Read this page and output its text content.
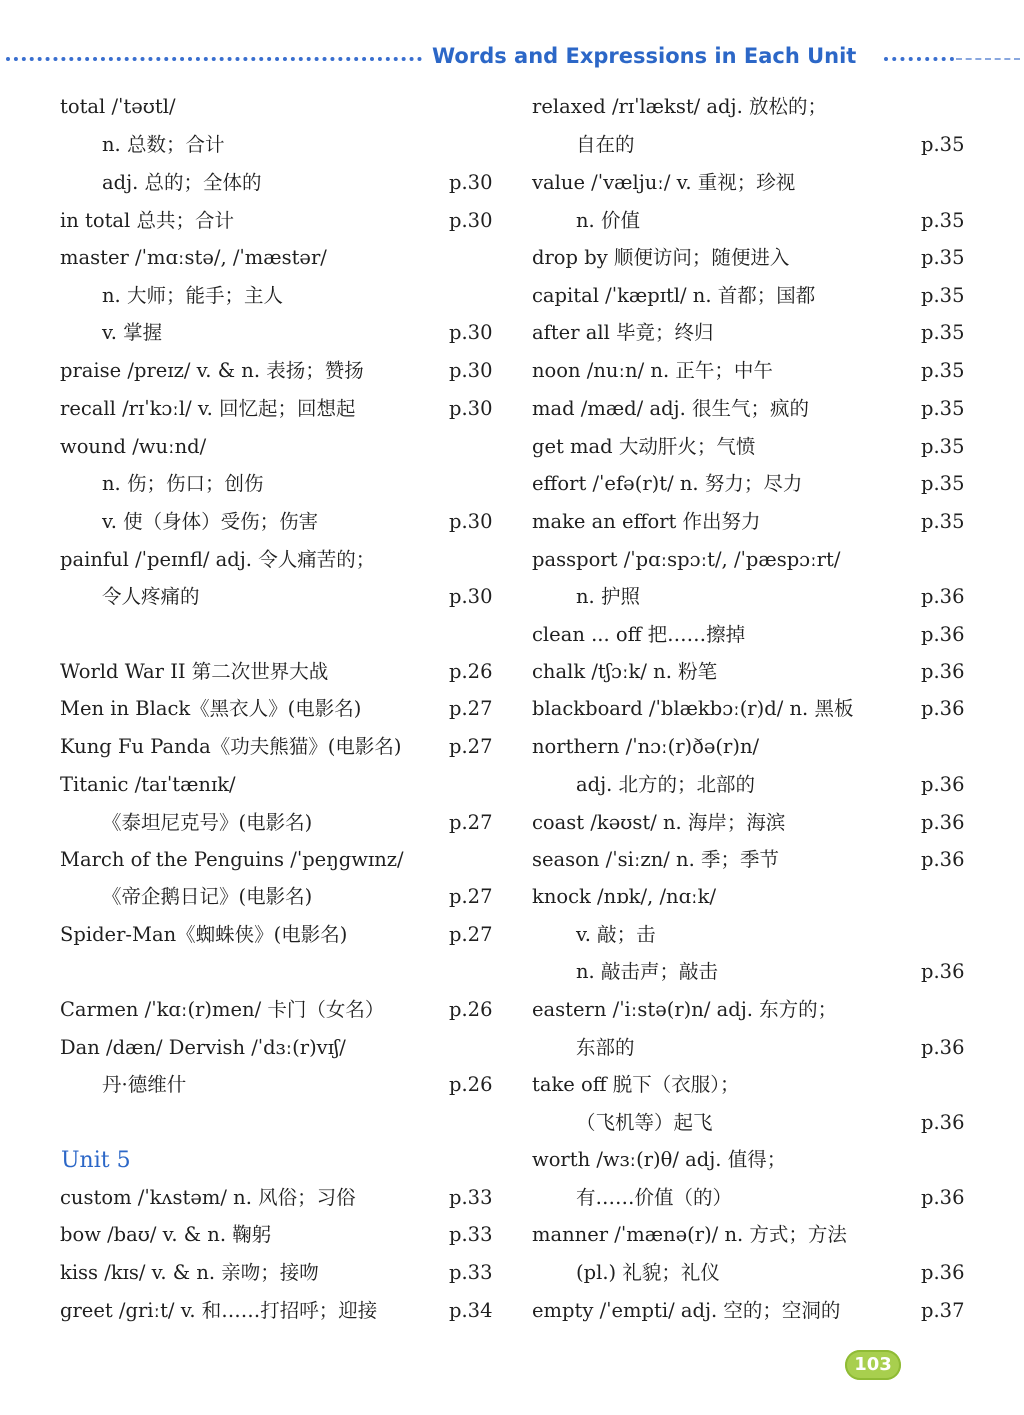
Words and Expressions in Each Unit
total /ˈtəʊtl/
n. 总数；合计
adj. 总的；全体的	p.30
in total 总共；合计	p.30
master /ˈmɑːstə/, /ˈmæstər/
n. 大师；能手；主人
v. 掌握	p.30
praise /preɪz/ v. & n. 表扬；赞扬	p.30
recall /rɪˈkɔːl/ v. 回忆起；回想起	p.30
wound /wuːnd/
n. 伤；伤口；创伤
v. 使（身体）受伤；伤害	p.30
painful /ˈpeɪnfl/ adj. 令人痛苦的；
令人疼痛的	p.30
World War II 第二次世界大战	p.26
Men in Black《黑衣人》(电影名)	p.27
Kung Fu Panda《功夫熊猫》(电影名) p.27
Titanic /taɪˈtænɪk/
《泰坦尼克号》(电影名)	p.27
March of the Penguins /ˈpeŋgwɪnz/
《帝企鹅日记》(电影名)	p.27
Spider-Man《蜘蛛侠》(电影名)	p.27
Carmen /ˈkɑː(r)men/ 卡门（女名）	p.26
Dan /dæn/ Dervish /ˈdɜː(r)vɪʃ/
丹·德维什	p.26
custom /ˈkʌstəm/ n. 风俗；习俗	p.33
bow /baʊ/ v. & n. 鞠躬	p.33
kiss /kɪs/ v. & n. 亲吻；接吻	p.33
greet /griːt/ v. 和……打招呼；迎接	p.34
Unit 5
relaxed /rɪˈlækst/ adj. 放松的；
自在的	p.35
value /ˈvæljuː/ v. 重视；珍视
n. 价值	p.35
drop by 顺便访问；随便进入	p.35
capital /ˈkæpɪtl/ n. 首都；国都	p.35
after all 毕竟；终归	p.35
noon /nuːn/ n. 正午；中午	p.35
mad /mæd/ adj. 很生气；疯的	p.35
get mad 大动肝火；气愤	p.35
effort /ˈefə(r)t/ n. 努力；尽力	p.35
make an effort 作出努力	p.35
passport /ˈpɑːspɔːt/, /ˈpæspɔːrt/
n. 护照	p.36
clean ... off 把……擦掉	p.36
chalk /tʃɔːk/ n. 粉笔	p.36
blackboard /ˈblækbɔː(r)d/ n. 黑板	p.36
northern /ˈnɔː(r)ðə(r)n/
adj. 北方的；北部的	p.36
coast /kəʊst/ n. 海岸；海滨	p.36
season /ˈsiːzn/ n. 季；季节	p.36
knock /nɒk/, /nɑːk/
v. 敲；击
n. 敲击声；敲击	p.36
eastern /ˈiːstə(r)n/ adj. 东方的；
东部的	p.36
take off 脱下（衣服）；
（飞机等）起飞	p.36
worth /wɜː(r)θ/ adj. 值得；
有……价值（的）	p.36
manner /ˈmænə(r)/ n. 方式；方法
(pl.) 礼貌；礼仪	p.36
empty /ˈempti/ adj. 空的；空洞的	p.37
103
